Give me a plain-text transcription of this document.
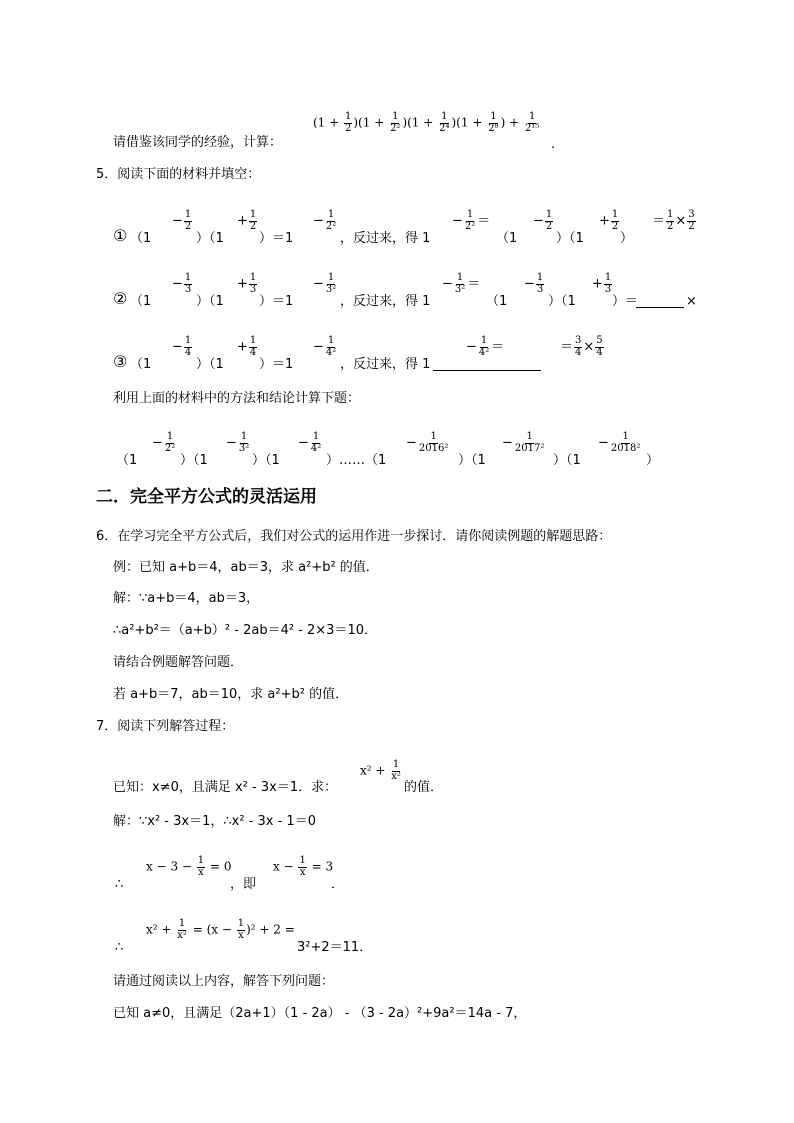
$(1 + \frac{1}{2} )(1 + \frac{1}{\text{2²}} )(1 + \frac{1}{\text{2⁴}} )(1 + \frac{1}{\text{2⁸}}$ ) + $\frac{1}{\text{2¹⁵}}$
请借鉴该同学的经验，计算：	.
5．阅读下面的材料并填空：
① （1
− $\frac{1}{2}$
）（1
+ $\frac{1}{2}$
）＝1
− $\frac{1}{\text{2²}}$
，反过来，得 1
− $\frac{1}{\text{2²}}$ ＝
（1
− $\frac{1}{2}$
）（1
+ $\frac{1}{2}$
）
＝ $\frac{1}{2} \times \frac{3}{2}$
② （1
− $\frac{1}{3}$
）（1
+ $\frac{1}{3}$
）＝1
− $\frac{1}{\text{3²}}$
，反过来，得 1
− $\frac{1}{\text{3²}}$ ＝
（1
− $\frac{1}{3}$
）（1
+ $\frac{1}{3}$
）＝	×
③ （1
− $\frac{1}{4}$
）（1
+ $\frac{1}{4}$
）＝1
− $\frac{1}{\text{4²}}$
，反过来，得 1
− $\frac{1}{\text{4²}}$ ＝	＝ $\frac{3}{4} \times \frac{5}{4}$
利用上面的材料中的方法和结论计算下题：
（1
− $\frac{1}{\text{2²}}$
）（1
− $\frac{1}{\text{3²}}$
）（1
− $\frac{1}{\text{4²}}$
）……（1
− $\frac{1}{\text{2016²}}$
）（1
− $\frac{1}{\text{2017²}}$
）（1
− $\frac{1}{\text{2018²}}$
）
二．完全平方公式的灵活运用
6．在学习完全平方公式后，我们对公式的运用作进一步探讨．请你阅读例题的解题思路：
例：已知 a+b＝4，ab＝3，求 a²+b² 的值．
解：∵a+b＝4，ab＝3，
∴a²+b²＝（a+b）² - 2ab＝4² - 2×3＝10．
请结合例题解答问题．
若 a+b＝7，ab＝10，求 a²+b² 的值．
7．阅读下列解答过程：
已知：x≠0，且满足 x² - 3x＝1．求：
$x^2 + \frac{1}{\text{x²}}$
的值．
解：∵x² - 3x＝1，∴x² - 3x - 1＝0
∴
$x - 3 - \frac{1}{x} = 0$
，即
$x - \frac{1}{x} = 3$
．
∴
$x^2 + \frac{1}{\text{x²}} = (x - \frac{1}{x} )^2 + 2$ =
3²+2＝11．
请通过阅读以上内容，解答下列问题：
已知 a≠0，且满足（2a+1）（1 - 2a） - （3 - 2a）²+9a²＝14a - 7，
